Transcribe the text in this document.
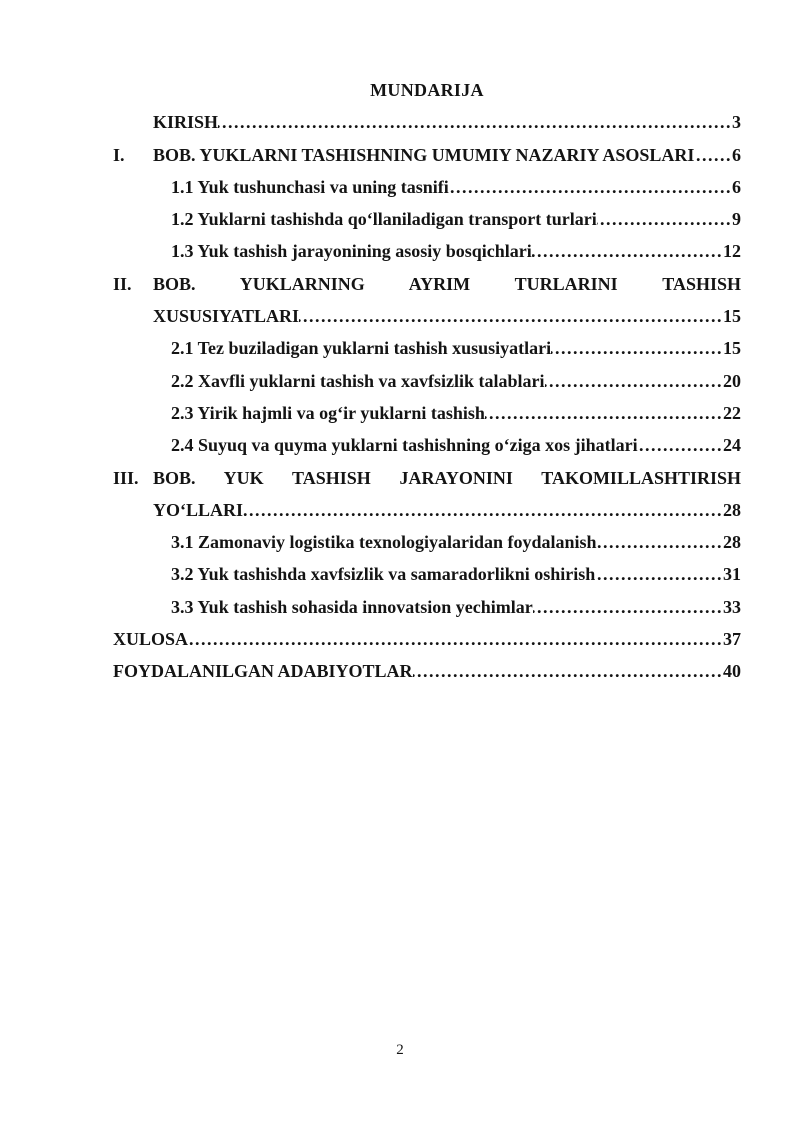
MUNDARIJA
KIRISH .....	3
I.	BOB. YUKLARNI TASHISHNING UMUMIY NAZARIY ASOSLARI ..... 6
1.1 Yuk tushunchasi va uning tasnifi .....	6
1.2 Yuklarni tashishda qo‘llaniladigan transport turlari .....	9
1.3 Yuk tashish jarayonining asosiy bosqichlari .....	12
II.	BOB. YUKLARNING AYRIM TURLARINI TASHISH
XUSUSIYATLARI .....	15
2.1 Tez buziladigan yuklarni tashish xususiyatlari .....	15
2.2 Xavfli yuklarni tashish va xavfsizlik talablari .....	20
2.3 Yirik hajmli va og‘ir yuklarni tashish .....	22
2.4 Suyuq va quyma yuklarni tashishning o‘ziga xos jihatlari .....	24
III. BOB. YUK TASHISH JARAYONINI TAKOMILLASHTIRISH
YO‘LLARI .....	28
3.1 Zamonaviy logistika texnologiyalaridan foydalanish .....	28
3.2 Yuk tashishda xavfsizlik va samaradorlikni oshirish .....	31
3.3 Yuk tashish sohasida innovatsion yechimlar .....	33
XULOSA .....	37
FOYDALANILGAN ADABIYOTLAR .....	40
2
